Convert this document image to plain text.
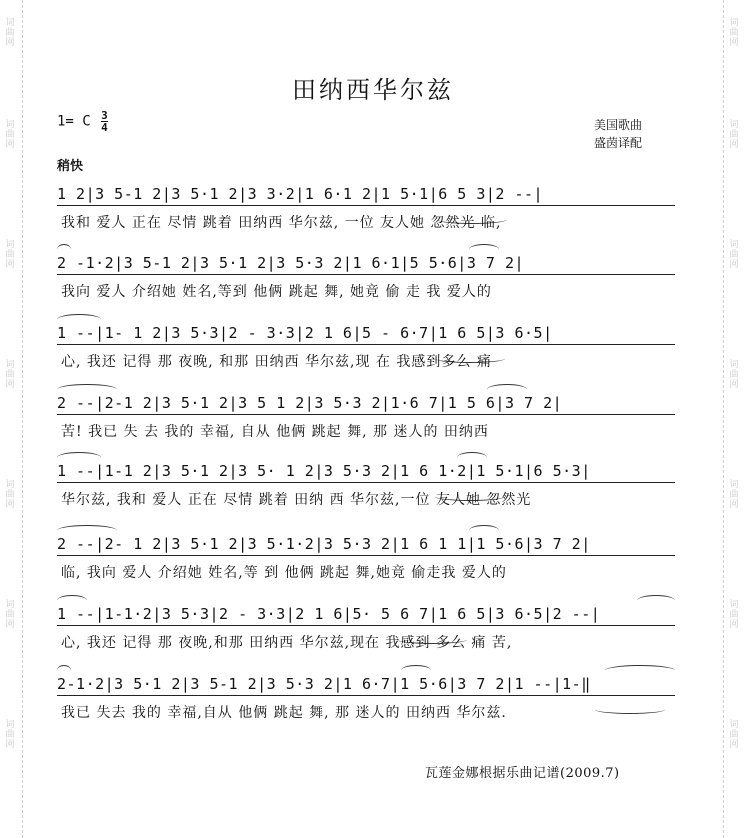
词曲网
词曲网
词曲网
词曲网
词曲网
词曲网
词曲网
词曲网
词曲网
词曲网
词曲网
词曲网
词曲网
词曲网
田纳西华尔兹
1= C $\frac{3}{4}$	美国歌曲
盛茵译配
稍快
1 2|3 5-1 2|3 5·1 2|3 3·2|1 6·1 2|1 5·1|6 5 3|2 --|
我和 爱人 正在 尽情 跳着 田纳西 华尔兹, 一位 友人她 忽然光 临,
2 -1·2|3 5-1 2|3 5·1 2|3 5·3 2|1 6·1|5 5·6|3 7 2|
我向 爱人 介绍她 姓名,等到 他俩 跳起 舞, 她竟 偷 走 我 爱人的
1 --|1- 1 2|3 5·3|2 - 3·3|2 1 6|5 - 6·7|1 6 5|3 6·5|
心, 我还 记得 那 夜晚, 和那 田纳西 华尔兹,现 在 我感到多么 痛
2 --|2-1 2|3 5·1 2|3 5 1 2|3 5·3 2|1·6 7|1 5 6|3 7 2|
苦! 我已 失 去 我的 幸福, 自从 他俩 跳起 舞, 那 迷人的 田纳西
1 --|1-1 2|3 5·1 2|3 5· 1 2|3 5·3 2|1 6 1·2|1 5·1|6 5·3|
华尔兹, 我和 爱人 正在 尽情 跳着 田纳 西 华尔兹,一位 友人她 忽然光
2 --|2- 1 2|3 5·1 2|3 5·1·2|3 5·3 2|1 6 1 1|1 5·6|3 7 2|
临, 我向 爱人 介绍她 姓名,等 到 他俩 跳起 舞,她竟 偷走我 爱人的
1 --|1-1·2|3 5·3|2 - 3·3|2 1 6|5· 5 6 7|1 6 5|3 6·5|2 --|
心, 我还 记得 那 夜晚,和那 田纳西 华尔兹,现在 我感到 多么 痛 苦,
2-1·2|3 5·1 2|3 5-1 2|3 5·3 2|1 6·7|1 5·6|3 7 2|1 --|1-‖
我已 失去 我的 幸福,自从 他俩 跳起 舞, 那 迷人的 田纳西 华尔兹.
瓦莲金娜根据乐曲记谱(2009.7)
